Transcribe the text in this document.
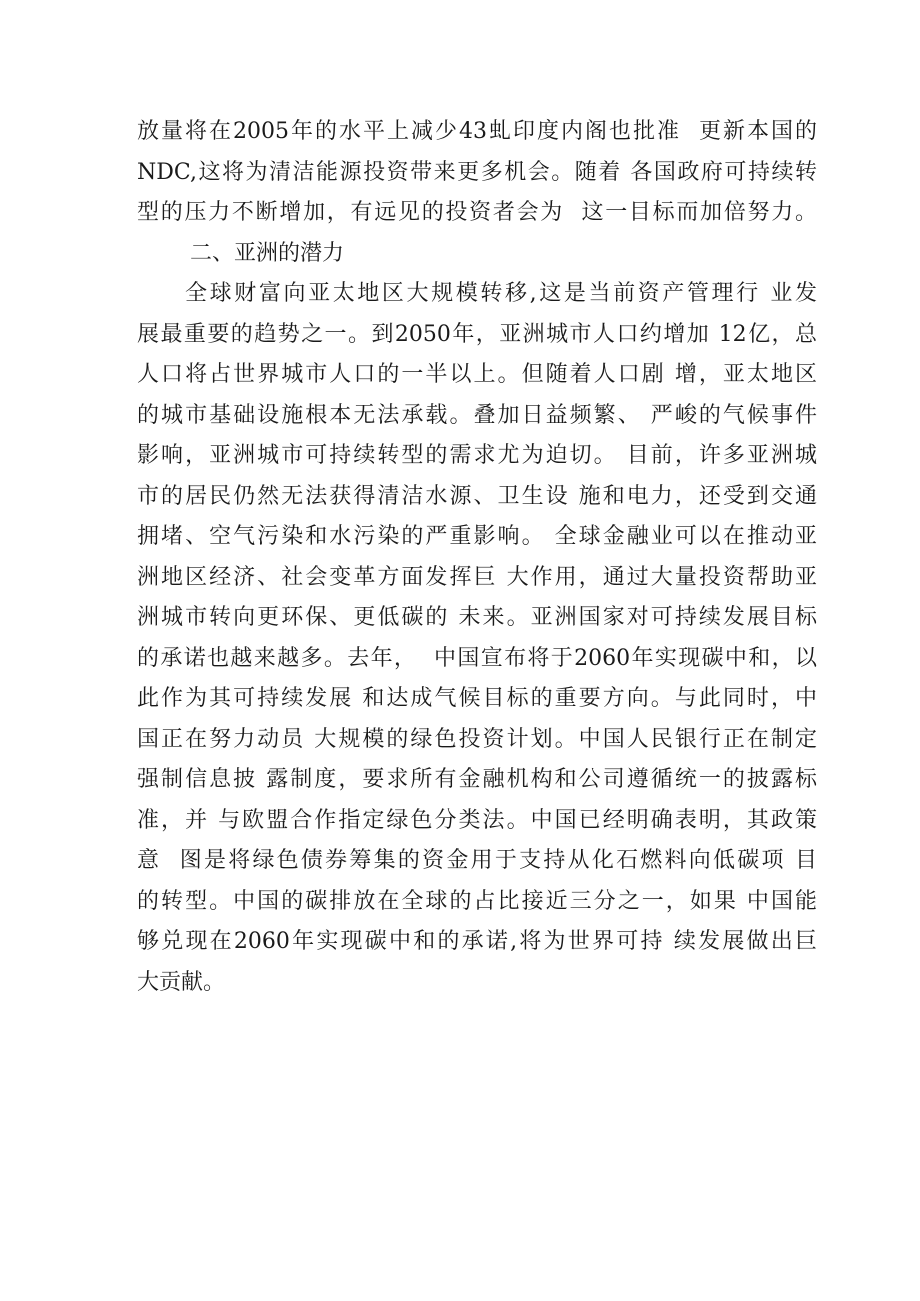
放量将在2005年的水平上减少43虬印度内阁也批准  更新本国的
NDC,这将为清洁能源投资带来更多机会。随着 各国政府可持续转
型的压力不断增加，有远见的投资者会为  这一目标而加倍努力。
二、亚洲的潜力
全球财富向亚太地区大规模转移,这是当前资产管理行 业发
展最重要的趋势之一。到2050年，亚洲城市人口约增加 12亿，总
人口将占世界城市人口的一半以上。但随着人口剧 增，亚太地区
的城市基础设施根本无法承载。叠加日益频繁、 严峻的气候事件
影响，亚洲城市可持续转型的需求尤为迫切。 目前，许多亚洲城
市的居民仍然无法获得清洁水源、卫生设 施和电力，还受到交通
拥堵、空气污染和水污染的严重影响。 全球金融业可以在推动亚
洲地区经济、社会变革方面发挥巨 大作用，通过大量投资帮助亚
洲城市转向更环保、更低碳的 未来。亚洲国家对可持续发展目标
的承诺也越来越多。去年，  中国宣布将于2060年实现碳中和，以
此作为其可持续发展 和达成气候目标的重要方向。与此同时，中
国正在努力动员 大规模的绿色投资计划。中国人民银行正在制定
强制信息披 露制度，要求所有金融机构和公司遵循统一的披露标
准，并 与欧盟合作指定绿色分类法。中国已经明确表明，其政策
意  图是将绿色债券筹集的资金用于支持从化石燃料向低碳项 目
的转型。中国的碳排放在全球的占比接近三分之一，如果 中国能
够兑现在2060年实现碳中和的承诺,将为世界可持 续发展做出巨
大贡献。
